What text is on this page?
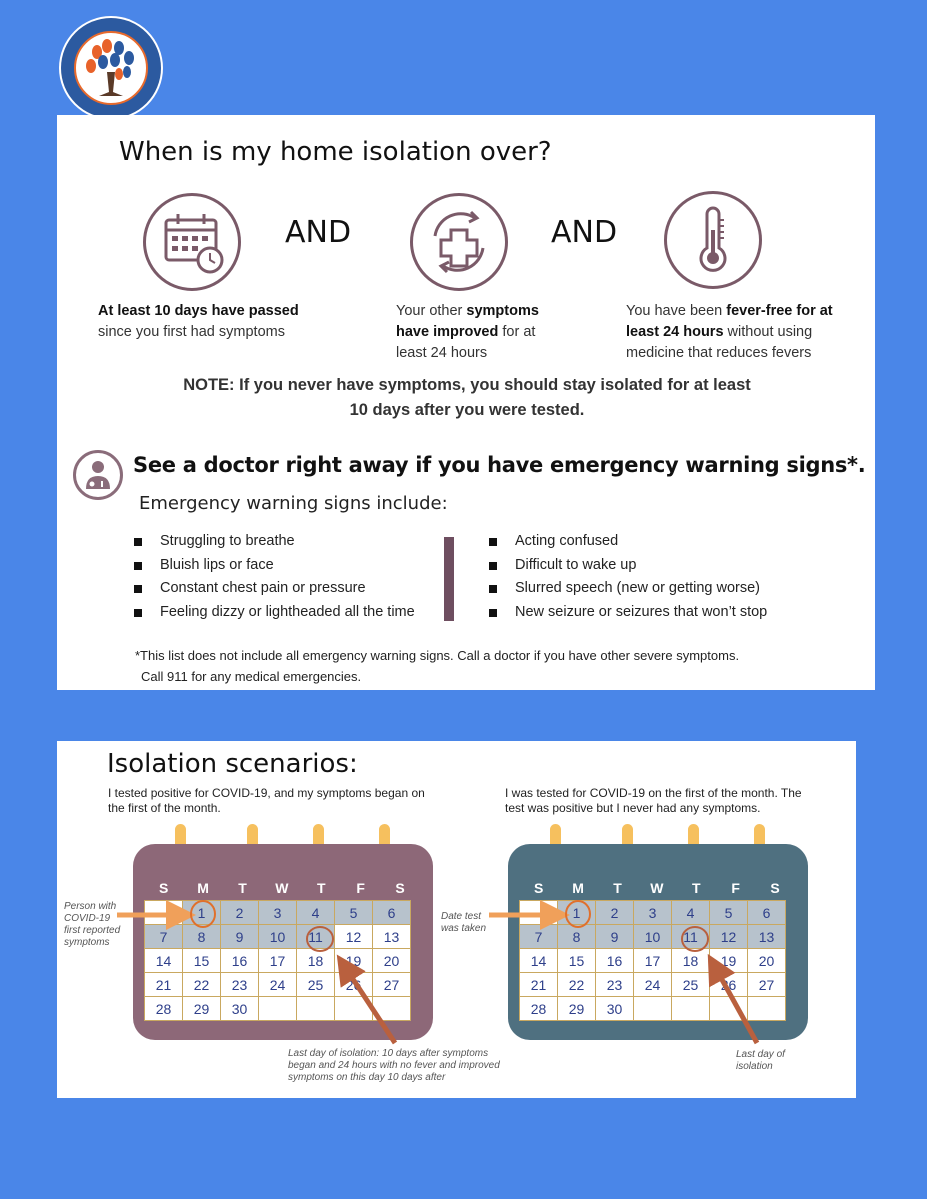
When is my home isolation over?
AND	AND
At least 10 days have passed
since you first had symptoms
Your other symptoms have improved for at least 24 hours
You have been fever-free for at least 24 hours without using medicine that reduces fevers
NOTE: If you never have symptoms, you should stay isolated for at least
10 days after you were tested.
See a doctor right away if you have emergency warning signs*.
Emergency warning signs include:
Struggling to breathe
Bluish lips or face
Constant chest pain or pressure
Feeling dizzy or lightheaded all the time
Acting confused
Difficult to wake up
Slurred speech (new or getting worse)
New seizure or seizures that won’t stop
*This list does not include all emergency warning signs. Call a doctor if you have other severe symptoms.
Call 911 for any medical emergencies.
Isolation scenarios:
I tested positive for COVID-19, and my symptoms began on the first of the month.
I was tested for COVID-19 on the first of the month. The test was positive but I never had any symptoms.
S	M	T	W	T	F	S
	1	2	3	4	5	6
7	8	9	10	11	12	13
14	15	16	17	18	19	20
21	22	23	24	25	26	27
28	29	30				
S	M	T	W	T	F	S
	1	2	3	4	5	6
7	8	9	10	11	12	13
14	15	16	17	18	19	20
21	22	23	24	25	26	27
28	29	30				
Person with
COVID-19
first reported
symptoms
Last day of isolation: 10 days after symptoms
began and 24 hours with no fever and improved
symptoms on this day 10 days after
Date test
was taken
Last day of
isolation
